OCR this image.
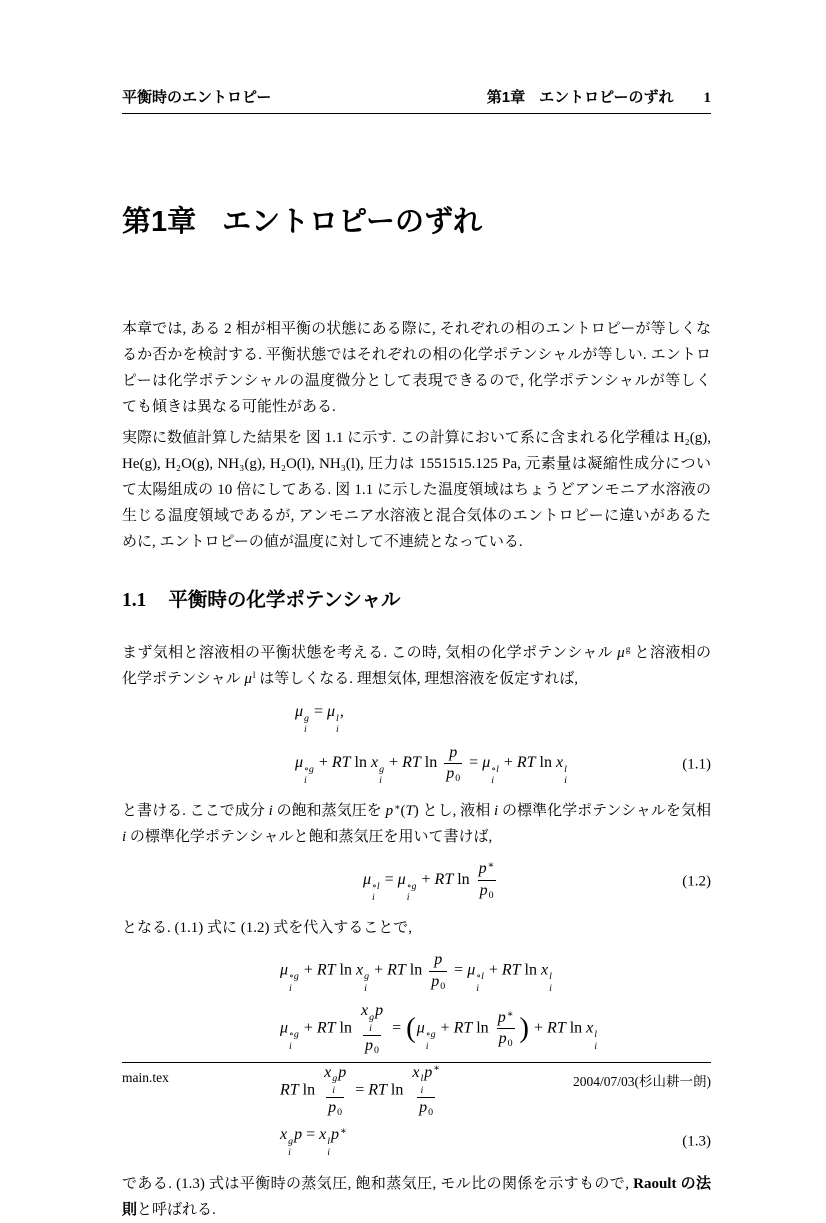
平衡時のエントロピー	第1章 エントロピーのずれ 1
第1章 エントロピーのずれ

本章では, ある 2 相が相平衡の状態にある際に, それぞれの相のエントロピーが等しくなるか否かを検討する. 平衡状態ではそれぞれの相の化学ポテンシャルが等しい. エントロピーは化学ポテンシャルの温度微分として表現できるので, 化学ポテンシャルが等しくても傾きは異なる可能性がある.

実際に数値計算した結果を 図 1.1 に示す. この計算において系に含まれる化学種は H₂(g), He(g), H₂O(g), NH₃(g), H₂O(l), NH₃(l), 圧力は 1551515.125 Pa, 元素量は凝縮性成分について太陽組成の 10 倍にしてある. 図 1.1 に示した温度領域はちょうどアンモニア水溶液の生じる温度領域であるが, アンモニア水溶液と混合気体のエントロピーに違いがあるために, エントロピーの値が温度に対して不連続となっている.

1.1 平衡時の化学ポテンシャル

まず気相と溶液相の平衡状態を考える. この時, 気相の化学ポテンシャル $\mu^g$ と溶液相の化学ポテンシャル $\mu^l$ は等しくなる. 理想気体, 理想溶液を仮定すれば,

μ g
i
= μ l
i
,
μ ∘g
i
+ RT ln x g
i
+ RT $\ln \frac{p}{p0} = \mu$ ∘l
i
+ RT ln x l
i
(1.1)

と書ける. ここで成分 i の飽和蒸気圧を p∗(T) とし, 液相 i の標準化学ポテンシャルを気相 i の標準化学ポテンシャルと飽和蒸気圧を用いて書けば,

μ ∘l
i
= μ ∘g
i
+ RT $\ln \frac{p^∗}{p0}$	(1.2)

となる. (1.1) 式に (1.2) 式を代入することで,

μ ∘g
i
+ RT ln x g
i
+ RT $\ln \frac{p}{p0} = \mu$ ∘l
i
+ RT ln x l
i
μ ∘g
i
+ RT ln x g
i
p
p0 = (μ ∘g
i
+ RT $\ln \frac{p^∗}{p0}$ ) + RT ln x l
i
RT ln x g
i
p
p0 = RT ln x l
i
p∗
p0
x g
i
p = x l
i
p∗
(1.3)

である. (1.3) 式は平衡時の蒸気圧, 飽和蒸気圧, モル比の関係を示すもので, Raoult の法則と呼ばれる.

main.tex	2004/07/03(杉山耕一朗)
